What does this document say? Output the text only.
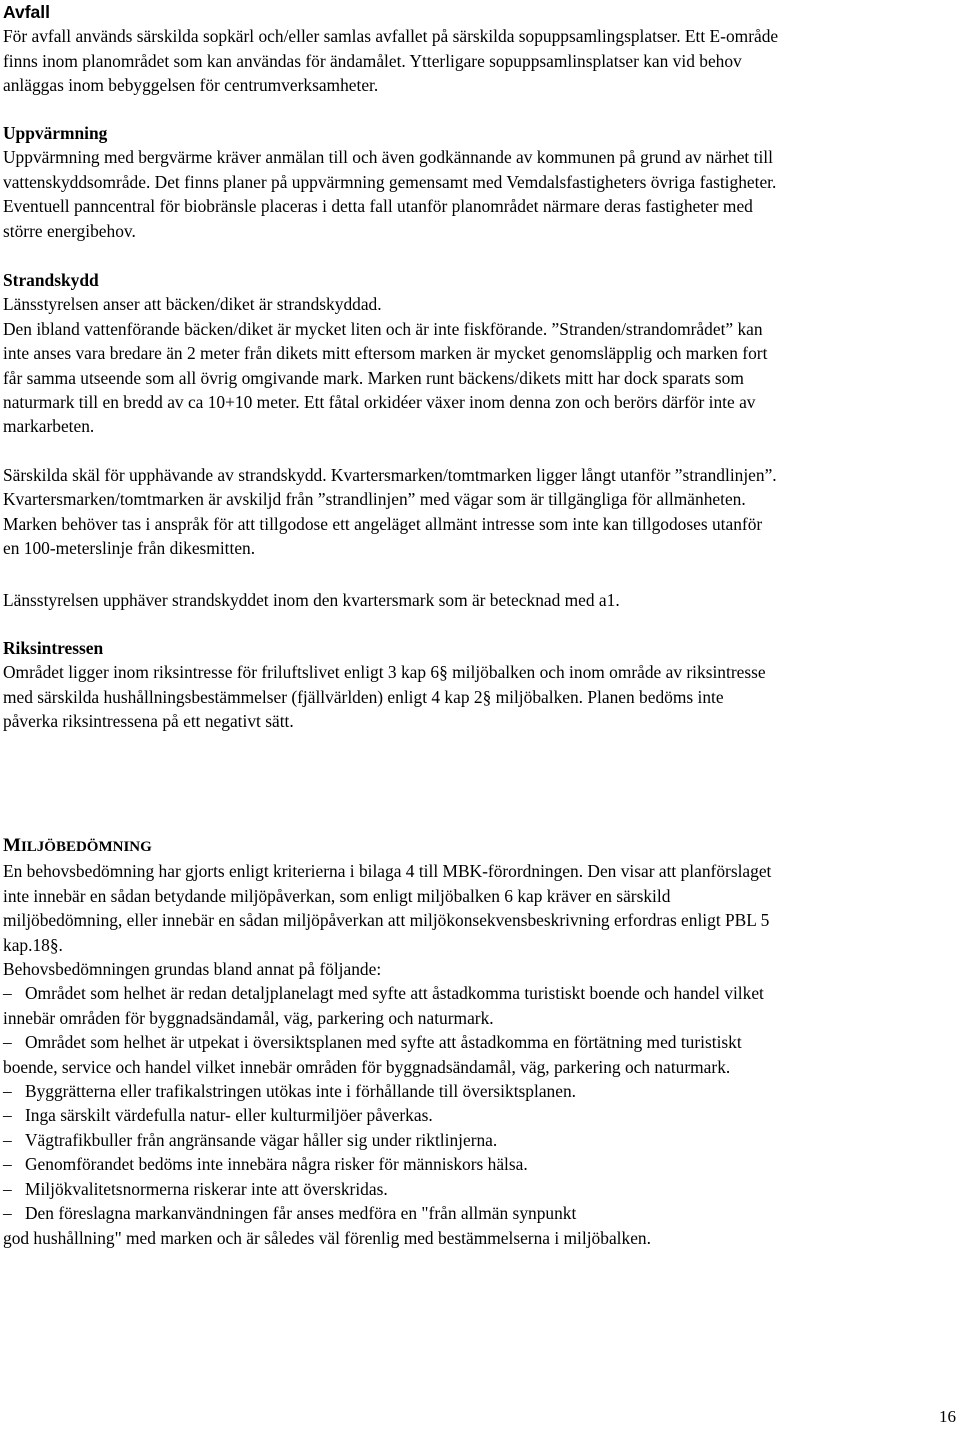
Avfall

För avfall används särskilda sopkärl och/eller samlas avfallet på särskilda sopuppsamlingsplatser. Ett E-område

finns inom planområdet som kan användas för ändamålet. Ytterligare sopuppsamlinsplatser kan vid behov

anläggas inom bebyggelsen för centrumverksamheter.

Uppvärmning

Uppvärmning med bergvärme kräver anmälan till och även godkännande av kommunen på grund av närhet till

vattenskyddsområde. Det finns planer på uppvärmning gemensamt med Vemdalsfastigheters övriga fastigheter.

Eventuell panncentral för biobränsle placeras i detta fall utanför planområdet närmare deras fastigheter med

större energibehov.

Strandskydd

Länsstyrelsen anser att bäcken/diket är strandskyddad.

Den ibland vattenförande bäcken/diket är mycket liten och är inte fiskförande. ”Stranden/strandområdet” kan

inte anses vara bredare än 2 meter från dikets mitt eftersom marken är mycket genomsläpplig och marken fort

får samma utseende som all övrig omgivande mark. Marken runt bäckens/dikets mitt har dock sparats som

naturmark till en bredd av ca 10+10 meter. Ett fåtal orkidéer växer inom denna zon och berörs därför inte av

markarbeten.

Särskilda skäl för upphävande av strandskydd. Kvartersmarken/tomtmarken ligger långt utanför ”strandlinjen”.

Kvartersmarken/tomtmarken är avskiljd från ”strandlinjen” med vägar som är tillgängliga för allmänheten.

Marken behöver tas i anspråk för att tillgodose ett angeläget allmänt intresse som inte kan tillgodoses utanför

en 100-meterslinje från dikesmitten.

Länsstyrelsen upphäver strandskyddet inom den kvartersmark som är betecknad med a1.

Riksintressen

Området ligger inom riksintresse för friluftslivet enligt 3 kap 6§ miljöbalken och inom område av riksintresse

med särskilda hushållningsbestämmelser (fjällvärlden) enligt 4 kap 2§ miljöbalken. Planen bedöms inte

påverka riksintressena på ett negativt sätt.

MILJÖBEDÖMNING

En behovsbedömning har gjorts enligt kriterierna i bilaga 4 till MBK-förordningen. Den visar att planförslaget

inte innebär en sådan betydande miljöpåverkan, som enligt miljöbalken 6 kap kräver en särskild

miljöbedömning, eller innebär en sådan miljöpåverkan att miljökonsekvensbeskrivning erfordras enligt PBL 5

kap.18§.

Behovsbedömningen grundas bland annat på följande:

– Området som helhet är redan detaljplanelagt med syfte att åstadkomma turistiskt boende och handel vilket

innebär områden för byggnadsändamål, väg, parkering och naturmark.

– Området som helhet är utpekat i översiktsplanen med syfte att åstadkomma en förtätning med turistiskt

boende, service och handel vilket innebär områden för byggnadsändamål, väg, parkering och naturmark.

– Byggrätterna eller trafikalstringen utökas inte i förhållande till översiktsplanen.

– Inga särskilt värdefulla natur- eller kulturmiljöer påverkas.

– Vägtrafikbuller från angränsande vägar håller sig under riktlinjerna.

– Genomförandet bedöms inte innebära några risker för människors hälsa.

– Miljökvalitetsnormerna riskerar inte att överskridas.

– Den föreslagna markanvändningen får anses medföra en "från allmän synpunkt

god hushållning" med marken och är således väl förenlig med bestämmelserna i miljöbalken.

16
